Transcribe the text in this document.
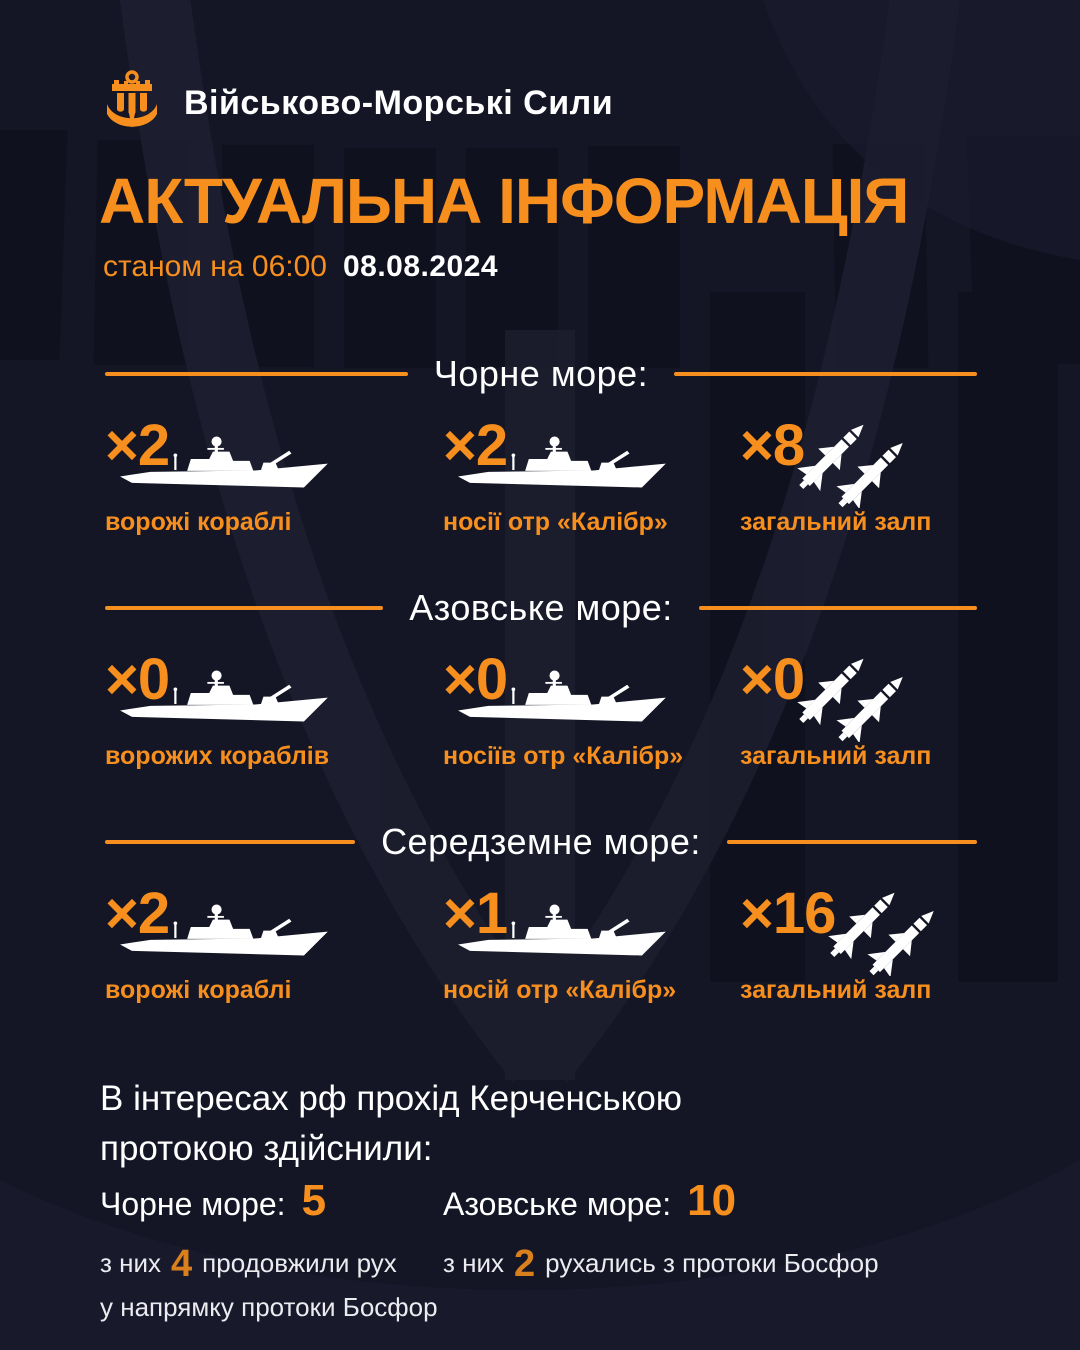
Військово-Морські Сили
АКТУАЛЬНА ІНФОРМАЦІЯ
станом на 06:00 08.08.2024
Чорне море:
×2
ворожі кораблі
×2
носії отр «Калібр»
×8
загальний залп
Азовське море:
×0
ворожих кораблів
×0
носіїв отр «Калібр»
×0
загальний залп
Середземне море:
×2
ворожі кораблі
×1
носій отр «Калібр»
×16
загальний залп
В інтересах рф прохід Керченською протокою здійснили:
Чорне море: 5
з них 4 продовжили рух
у напрямку протоки Босфор
Азовське море: 10
з них 2 рухались з протоки Босфор
